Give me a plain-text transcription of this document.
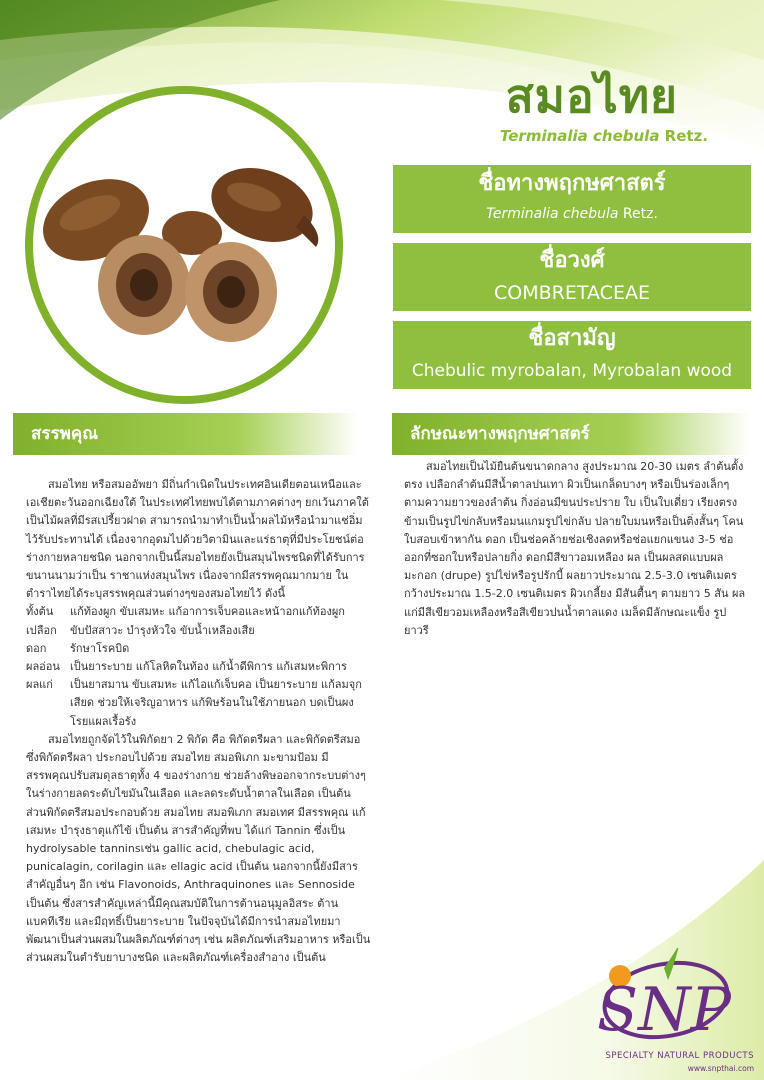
สมอไทย
Terminalia chebula Retz.
ชื่อทางพฤกษศาสตร์
Terminalia chebula Retz.
ชื่อวงศ์
COMBRETACEAE
ชื่อสามัญ
Chebulic myrobalan, Myrobalan wood
สรรพคุณ	ลักษณะทางพฤกษศาสตร์

สมอไทย หรือสมออัพยา มีถิ่นกำเนิดในประเทศอินเดียตอนเหนือและเอเชียตะวันออกเฉียงใต้ ในประเทศไทยพบได้ตามภาคต่างๆ ยกเว้นภาคใต้เป็นไม้ผลที่มีรสเปรี้ยวฝาด สามารถนำมาทำเป็นน้ำผลไม้หรือนำมาแช่อิ่มไว้รับประทานได้ เนื่องจากอุดมไปด้วยวิตามินและแร่ธาตุที่มีประโยชน์ต่อร่างกายหลายชนิด นอกจากเป็นนี้สมอไทยยังเป็นสมุนไพรชนิดที่ได้รับการขนานนามว่าเป็น ราชาแห่งสมุนไพร เนื่องจากมีสรรพคุณมากมาย ในตำราไทยได้ระบุสรรพคุณส่วนต่างๆของสมอไทยไว้ ดังนี้

ทั้งต้น	แก้ท้องผูก ขับเสมหะ แก้อาการเจ็บคอและหน้าอกแก้ท้องผูก
เปลือก	ขับปัสสาวะ บำรุงหัวใจ ขับน้ำเหลืองเสีย
ดอก	รักษาโรคบิด
ผลอ่อน เป็นยาระบาย แก้โลหิตในท้อง แก้น้ำดีพิการ แก้เสมหะพิการ
ผลแก่	เป็นยาสมาน ขับเสมหะ แก้ไอแก้เจ็บคอ เป็นยาระบาย แก้ลมจุกเสียด ช่วยให้เจริญอาหาร แก้พิษร้อนในใช้ภายนอก บดเป็นผงโรยแผลเรื้อรัง

สมอไทยถูกจัดไว้ในพิกัดยา 2 พิกัด คือ พิกัดตรีผลา และพิกัดตรีสมอซึ่งพิกัดตรีผลา ประกอบไปด้วย สมอไทย สมอพิเภก มะขามป้อม มีสรรพคุณปรับสมดุลธาตุทั้ง 4 ของร่างกาย ช่วยล้างพิษออกจากระบบต่างๆในร่างกายลดระดับไขมันในเลือด และลดระดับน้ำตาลในเลือด เป็นต้น ส่วนพิกัดตรีสมอประกอบด้วย สมอไทย สมอพิเภก สมอเทศ มีสรรพคุณ แก้เสมหะ บำรุงธาตุแก้ไข้ เป็นต้น สารสำคัญที่พบ ได้แก่ Tannin ซึ่งเป็น hydrolysable tanninsเช่น gallic acid, chebulagic acid, punicalagin, corilagin และ ellagic acid เป็นต้น นอกจากนี้ยังมีสารสำคัญอื่นๆ อีก เช่น Flavonoids, Anthraquinones และ Sennoside เป็นต้น ซึ่งสารสำคัญเหล่านี้มีคุณสมบัติในการต้านอนุมูลอิสระ ต้านแบคทีเรีย และมีฤทธิ์เป็นยาระบาย ในปัจจุบันได้มีการนำสมอไทยมาพัฒนาเป็นส่วนผสมในผลิตภัณฑ์ต่างๆ เช่น ผลิตภัณฑ์เสริมอาหาร หรือเป็นส่วนผสมในตำรับยาบางชนิด และผลิตภัณฑ์เครื่องสำอาง เป็นต้น

สมอไทยเป็นไม้ยืนต้นขนาดกลาง สูงประมาณ 20-30 เมตร ลำต้นตั้งตรง เปลือกลำต้นมีสีน้ำตาลปนเทา ผิวเป็นเกล็ดบางๆ หรือเป็นร่องเล็กๆ ตามความยาวของลำต้น กิ่งอ่อนมีขนประปราย ใบ เป็นใบเดี่ยว เรียงตรงข้ามเป็นรูปไข่กลับหรือมนแกมรูปไข่กลับ ปลายใบมนหรือเป็นติ่งสั้นๆ โคนใบสอบเข้าหากัน ดอก เป็นช่อคล้ายช่อเชิงลดหรือช่อแยกแขนง 3-5 ช่อ ออกที่ซอกใบหรือปลายกิ่ง ดอกมีสีขาวอมเหลือง ผล เป็นผลสดแบบผลมะกอก (drupe) รูปไข่หรือรูปรักบี้ ผลยาวประมาณ 2.5-3.0 เซนติเมตร กว้างประมาณ 1.5-2.0 เซนติเมตร ผิวเกลี้ยง มีสันตื้นๆ ตามยาว 5 สัน ผลแก่มีสีเขียวอมเหลืองหรือสีเขียวปนน้ำตาลแดง เมล็ดมีลักษณะแข็ง รูปยาวรี

SNP
SPECIALTY NATURAL PRODUCTS
www.snpthai.com
